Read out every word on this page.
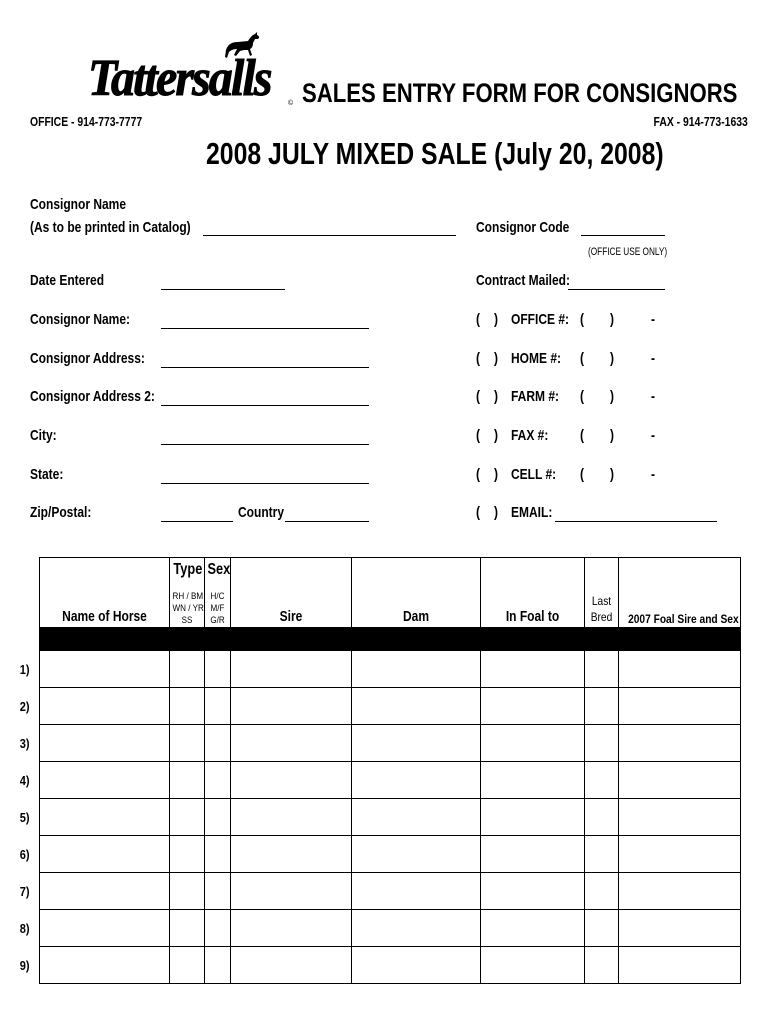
Tattersalls © SALES ENTRY FORM FOR CONSIGNORS
OFFICE - 914-773-7777	FAX - 914-773-1633
2008 JULY MIXED SALE (July 20, 2008)
Consignor Name
(As to be printed in Catalog)
Date Entered
Consignor Name:
Consignor Address:
Consignor Address 2:
City:
State:
Zip/Postal:	Country
Consignor Code
(OFFICE USE ONLY)
Contract Mailed:
( ) OFFICE #: ( ) -
( ) HOME #: ( ) -
( ) FARM #: ( ) -
( ) FAX #: ( ) -
( ) CELL #: ( ) -
( ) EMAIL:

	Name of Horse	Type
RH / BM
WN / YR
SS	Sex
H/C
M/F
G/R	Sire	Dam	In Foal to	Last
Bred	2007 Foal Sire and Sex

1)								
2)								
3)								
4)								
5)								
6)								
7)								
8)								
9)								
